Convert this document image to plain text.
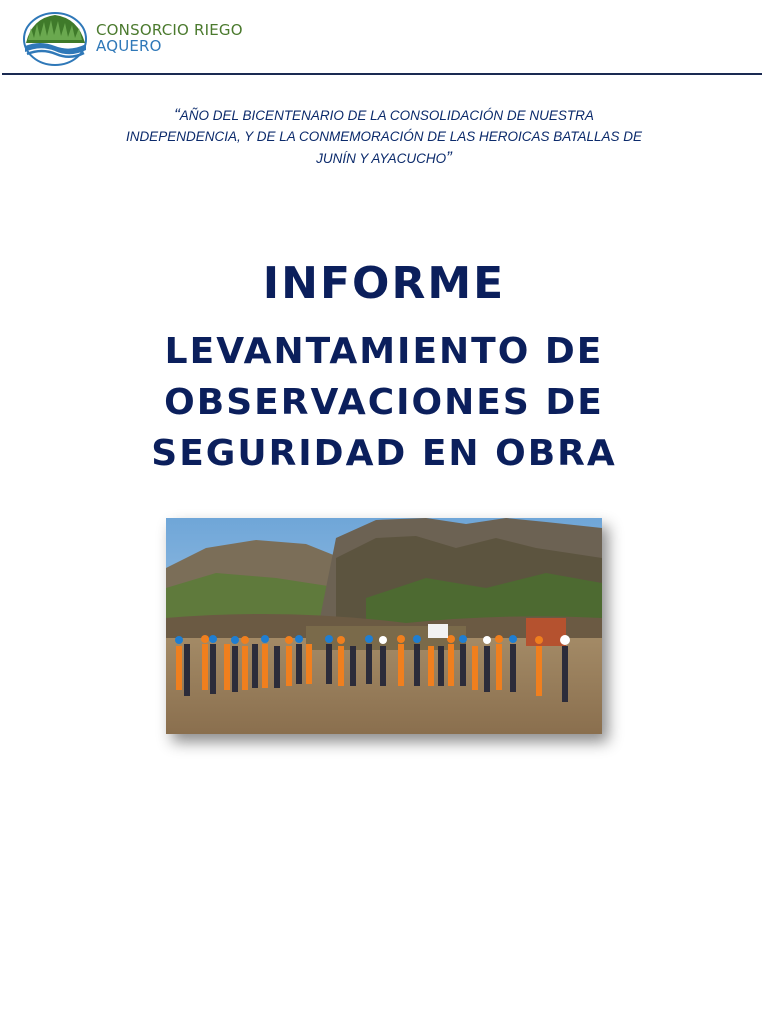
CONSORCIO RIEGO
AQUERO
“AÑO DEL BICENTENARIO DE LA CONSOLIDACIÓN DE NUESTRA INDEPENDENCIA, Y DE LA CONMEMORACIÓN DE LAS HEROICAS BATALLAS DE JUNÍN Y AYACUCHO”
INFORME
LEVANTAMIENTO DE OBSERVACIONES DE SEGURIDAD EN OBRA
